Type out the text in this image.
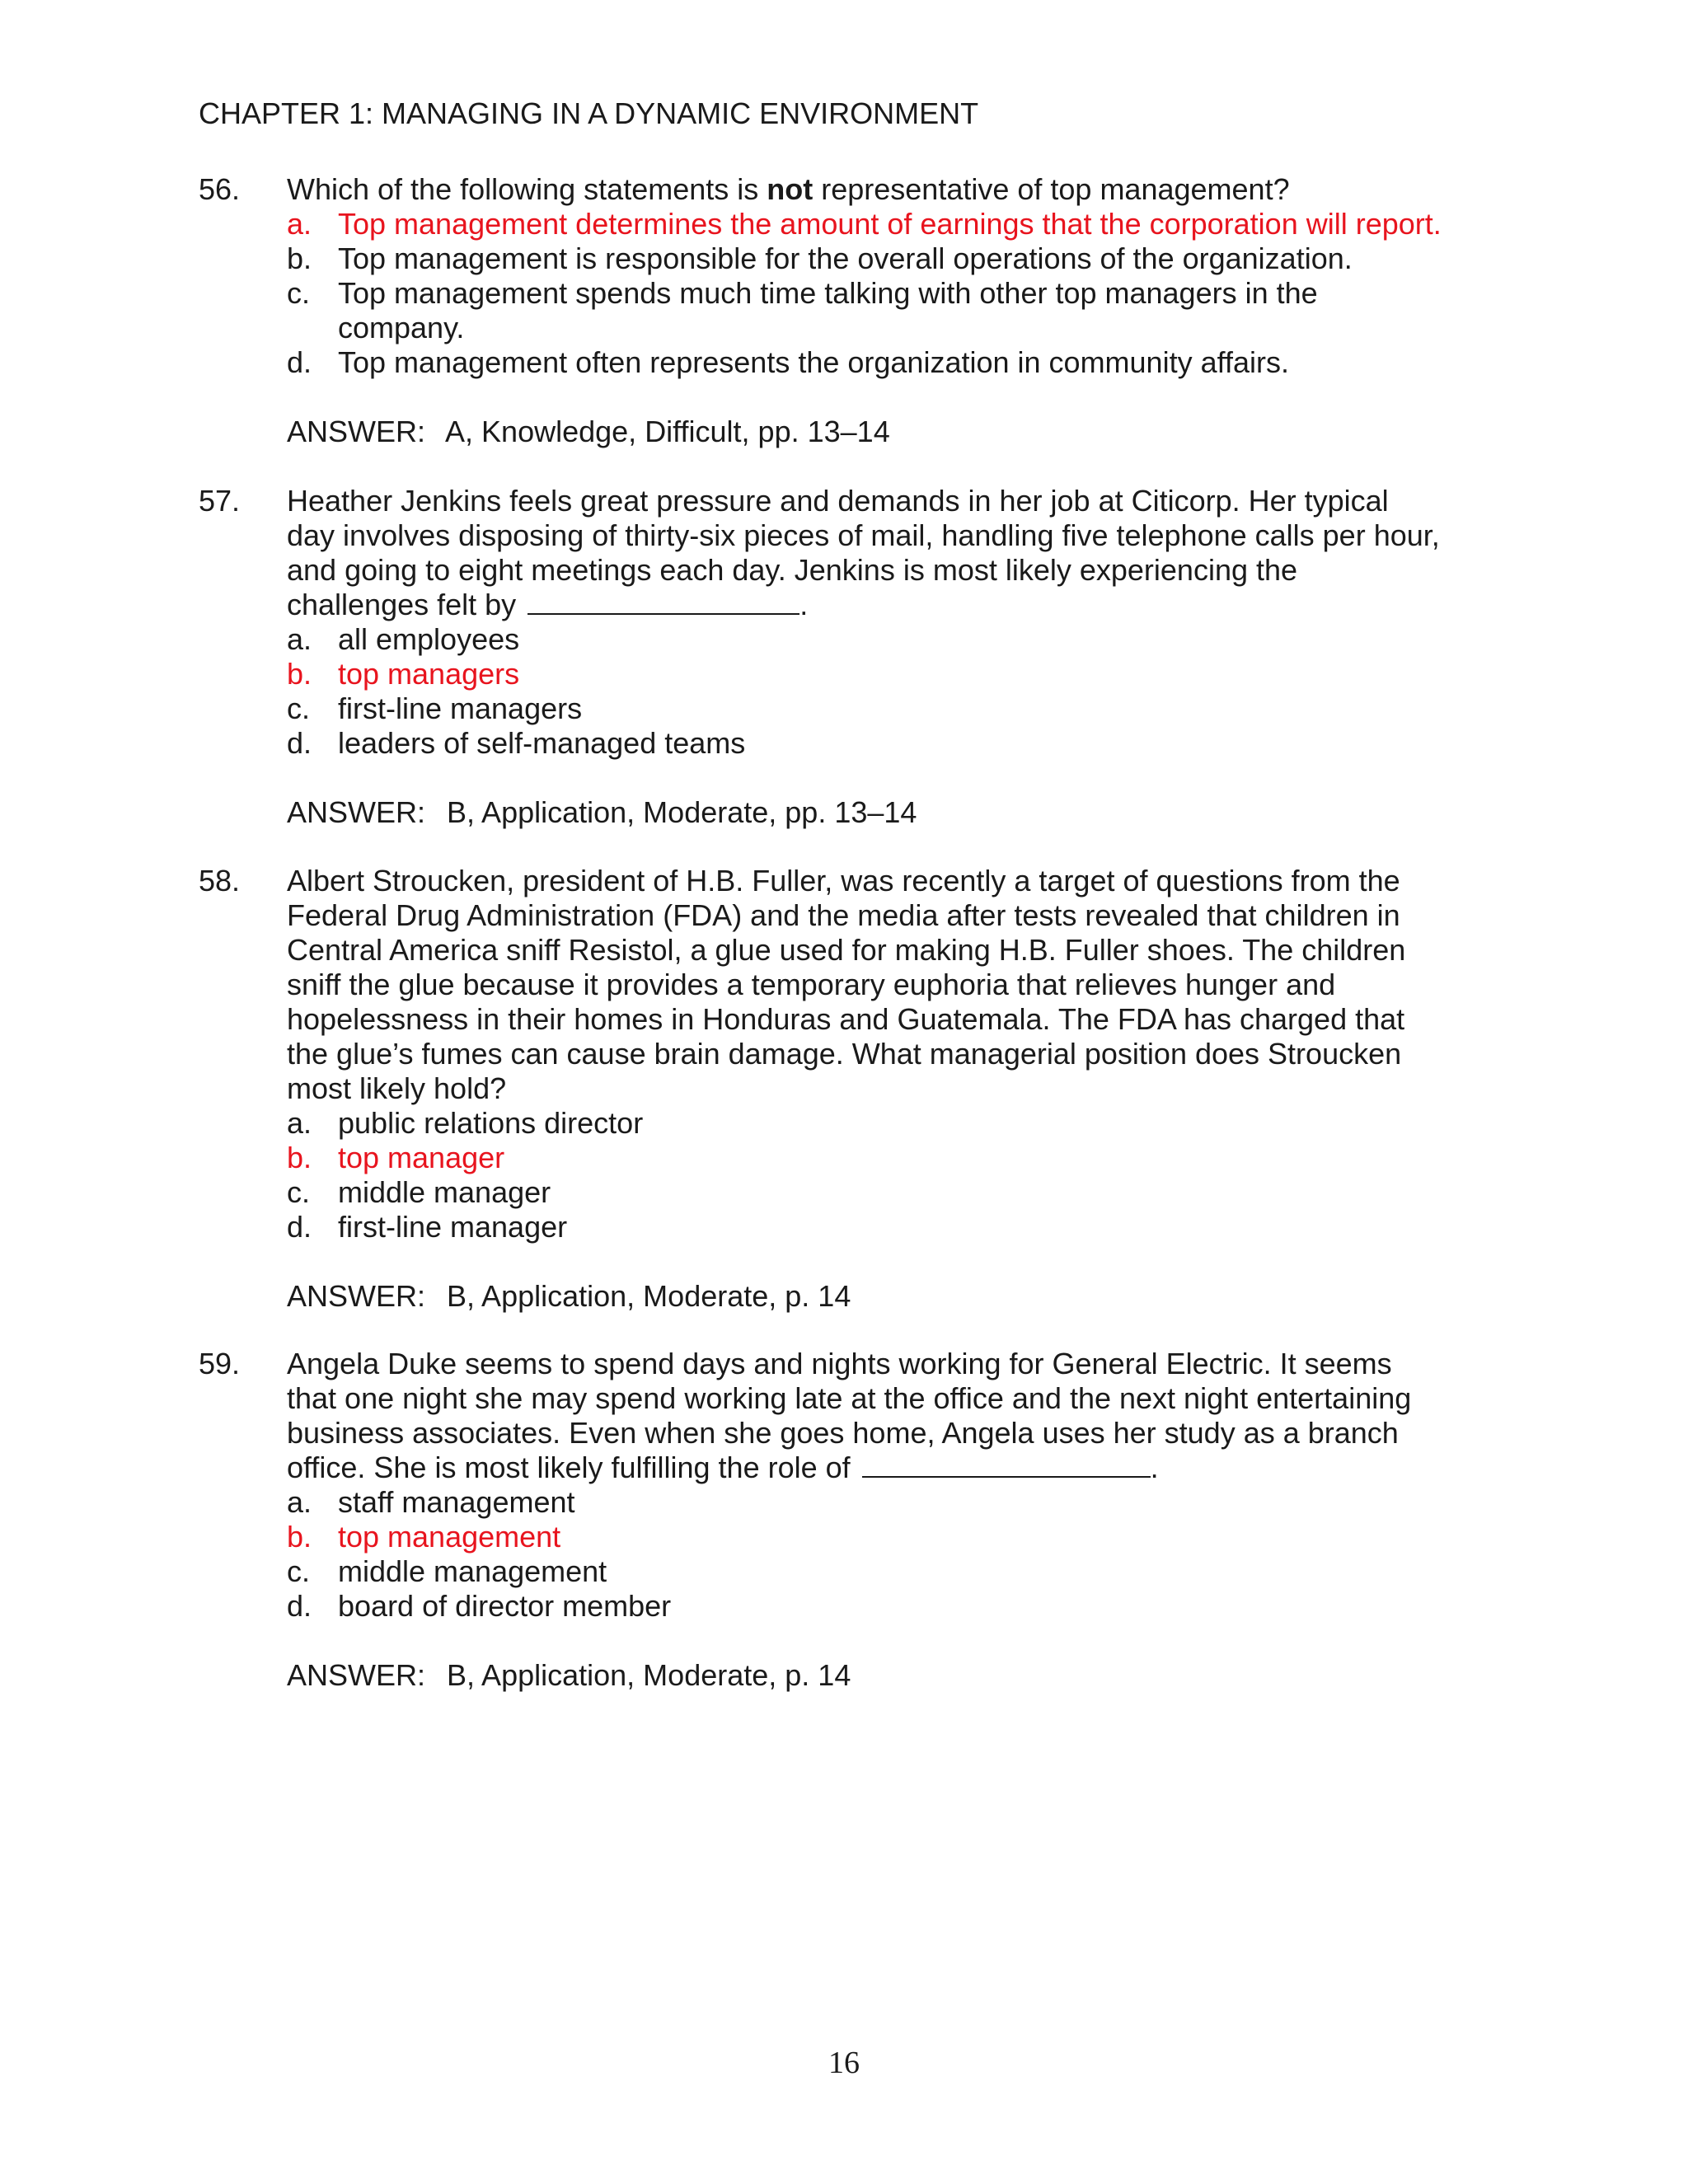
CHAPTER 1: MANAGING IN A DYNAMIC ENVIRONMENT
56. Which of the following statements is not representative of top management?
a. Top management determines the amount of earnings that the corporation will report.
b. Top management is responsible for the overall operations of the organization.
c. Top management spends much time talking with other top managers in the
company.
d. Top management often represents the organization in community affairs.
ANSWER: A, Knowledge, Difficult, pp. 13–14
57. Heather Jenkins feels great pressure and demands in her job at Citicorp. Her typical
day involves disposing of thirty-six pieces of mail, handling five telephone calls per hour,
and going to eight meetings each day. Jenkins is most likely experiencing the
challenges felt by	.
a. all employees
b. top managers
c. first-line managers
d. leaders of self-managed teams
ANSWER: B, Application, Moderate, pp. 13–14
58. Albert Stroucken, president of H.B. Fuller, was recently a target of questions from the
Federal Drug Administration (FDA) and the media after tests revealed that children in
Central America sniff Resistol, a glue used for making H.B. Fuller shoes. The children
sniff the glue because it provides a temporary euphoria that relieves hunger and
hopelessness in their homes in Honduras and Guatemala. The FDA has charged that
the glue’s fumes can cause brain damage. What managerial position does Stroucken
most likely hold?
a. public relations director
b. top manager
c. middle manager
d. first-line manager
ANSWER: B, Application, Moderate, p. 14
59. Angela Duke seems to spend days and nights working for General Electric. It seems
that one night she may spend working late at the office and the next night entertaining
business associates. Even when she goes home, Angela uses her study as a branch
office. She is most likely fulfilling the role of	.
a. staff management
b. top management
c. middle management
d. board of director member
ANSWER: B, Application, Moderate, p. 14
16
